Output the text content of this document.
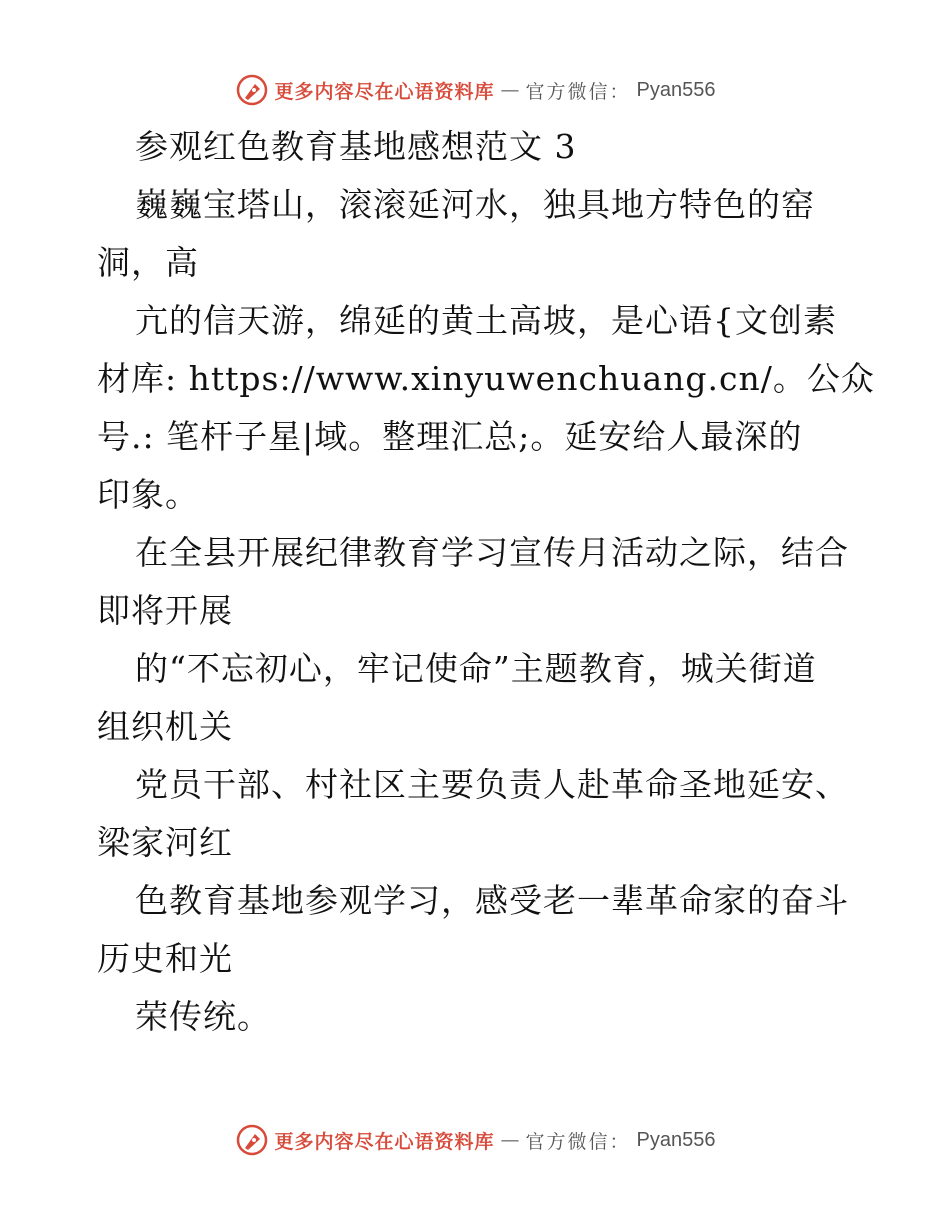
更多内容尽在心语资料库 — 官方微信： Pyan556
参观红色教育基地感想范文 3
巍巍宝塔山，滚滚延河水，独具地方特色的窑
洞，高
亢的信天游，绵延的黄土高坡，是心语{文创素
材库: https://www.xinyuwenchuang.cn/。公众
号.: 笔杆子星|域。整理汇总;。延安给人最深的
印象。
在全县开展纪律教育学习宣传月活动之际，结合
即将开展
的“不忘初心，牢记使命”主题教育，城关街道
组织机关
党员干部、村社区主要负责人赴革命圣地延安、
梁家河红
色教育基地参观学习，感受老一辈革命家的奋斗
历史和光
荣传统。
更多内容尽在心语资料库 — 官方微信： Pyan556
